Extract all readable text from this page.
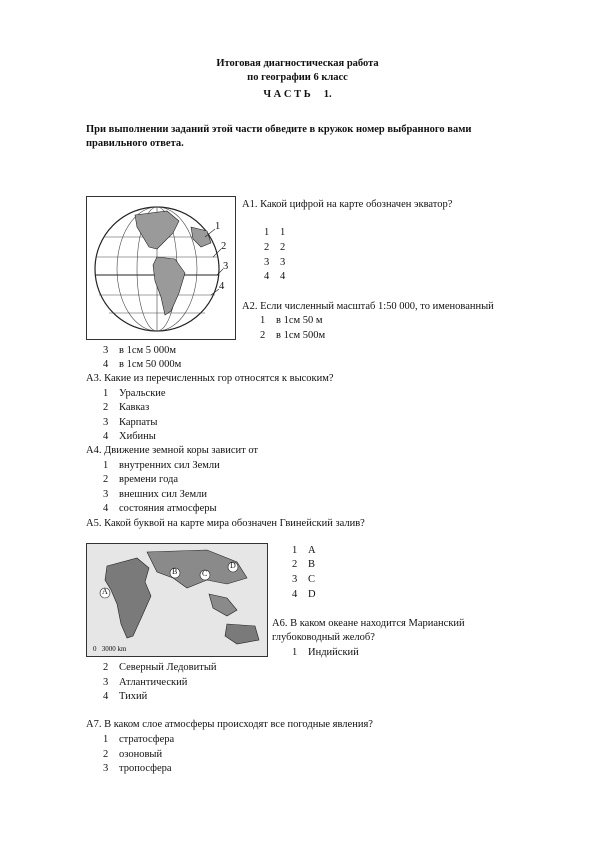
Итоговая диагностическая работа
по географии 6 класс
Ч А С Т Ь     1.
При выполнении заданий этой части обведите в кружок номер выбранного вами
правильного ответа.
1
2
3
4
А1. Какой цифрой на карте обозначен экватор?
1 1
2 2
3 3
4 4
А2. Если численный масштаб 1:50 000, то именованный
1 в 1см 50 м
2 в 1см 500м
3 в 1см 5 000м
4 в 1см 50 000м
А3. Какие из перечисленных гор относятся к высоким?
1 Уральские
2 Кавказ
3 Карпаты
4 Хибины
А4. Движение земной коры зависит от
1 внутренних сил Земли
2 времени года
3 внешних сил Земли
4 состояния атмосферы
А5. Какой буквой на карте мира обозначен Гвинейский залив?
A
B	C
D
0   3000 km
1 A
2 B
3 C
4 D
А6. В каком океане находится Марианский
глубоководный желоб?
1 Индийский
2 Северный Ледовитый
3 Атлантический
4 Тихий
А7. В каком слое атмосферы происходят все погодные явления?
1 стратосфера
2 озоновый
3 тропосфера
